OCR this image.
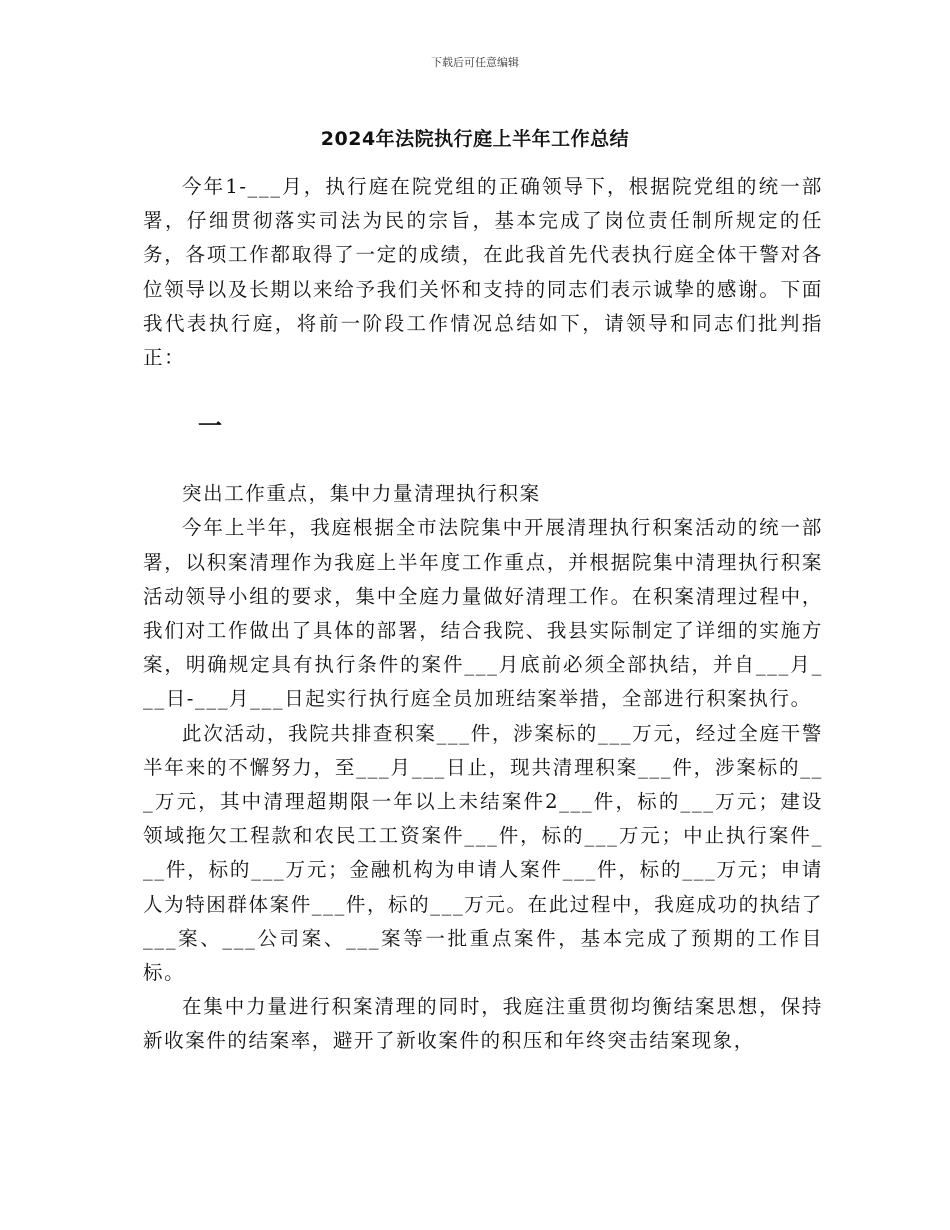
下载后可任意编辑
2024年法院执行庭上半年工作总结

今年1-___月，执行庭在院党组的正确领导下，根据院党组的统一部署，仔细贯彻落实司法为民的宗旨，基本完成了岗位责任制所规定的任务，各项工作都取得了一定的成绩，在此我首先代表执行庭全体干警对各位领导以及长期以来给予我们关怀和支持的同志们表示诚挚的感谢。下面我代表执行庭，将前一阶段工作情况总结如下，请领导和同志们批判指正：

一

突出工作重点，集中力量清理执行积案

今年上半年，我庭根据全市法院集中开展清理执行积案活动的统一部署，以积案清理作为我庭上半年度工作重点，并根据院集中清理执行积案活动领导小组的要求，集中全庭力量做好清理工作。在积案清理过程中，我们对工作做出了具体的部署，结合我院、我县实际制定了详细的实施方案，明确规定具有执行条件的案件___月底前必须全部执结，并自___月___日-___月___日起实行执行庭全员加班结案举措，全部进行积案执行。

此次活动，我院共排查积案___件，涉案标的___万元，经过全庭干警半年来的不懈努力，至___月___日止，现共清理积案___件，涉案标的___万元，其中清理超期限一年以上未结案件2___件，标的___万元；建设领域拖欠工程款和农民工工资案件___件，标的___万元；中止执行案件___件，标的___万元；金融机构为申请人案件___件，标的___万元；申请人为特困群体案件___件，标的___万元。在此过程中，我庭成功的执结了___案、___公司案、___案等一批重点案件，基本完成了预期的工作目标。

在集中力量进行积案清理的同时，我庭注重贯彻均衡结案思想，保持新收案件的结案率，避开了新收案件的积压和年终突击结案现象，
